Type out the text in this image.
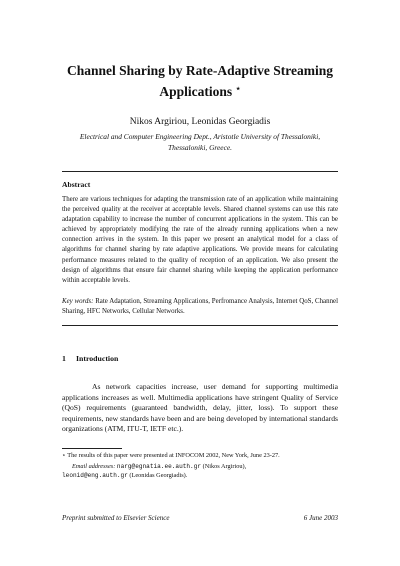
Channel Sharing by Rate-Adaptive Streaming
Applications ⋆
Nikos Argiriou, Leonidas Georgiadis
Electrical and Computer Engineering Dept., Aristotle University of Thessaloniki,
Thessaloniki, Greece.
Abstract
There are various techniques for adapting the transmission rate of an application while maintaining the perceived quality at the receiver at acceptable levels. Shared channel systems can use this rate adaptation capability to increase the number of concurrent applications in the system. This can be achieved by appropriately modifying the rate of the already running applications when a new connection arrives in the system. In this paper we present an analytical model for a class of algorithms for channel sharing by rate adaptive applications. We provide means for calculating performance measures related to the quality of reception of an application. We also present the design of algorithms that ensure fair channel sharing while keeping the application performance within acceptable levels.
Key words: Rate Adaptation, Streaming Applications, Perfromance Analysis, Internet QoS, Channel Sharing, HFC Networks, Cellular Networks.
1 Introduction
As network capacities increase, user demand for supporting multimedia applications increases as well. Multimedia applications have stringent Quality of Service (QoS) requirements (guaranteed bandwidth, delay, jitter, loss). To support these requirements, new standards have been and are being developed by international standards organizations (ATM, ITU-T, IETF etc.).
⋆ The results of this paper were presented at INFOCOM 2002, New York, June 23-27.
Email addresses: narg@egnatia.ee.auth.gr (Nikos Argiriou),
leonid@eng.auth.gr (Leonidas Georgiadis).
Preprint submitted to Elsevier Science	6 June 2003
